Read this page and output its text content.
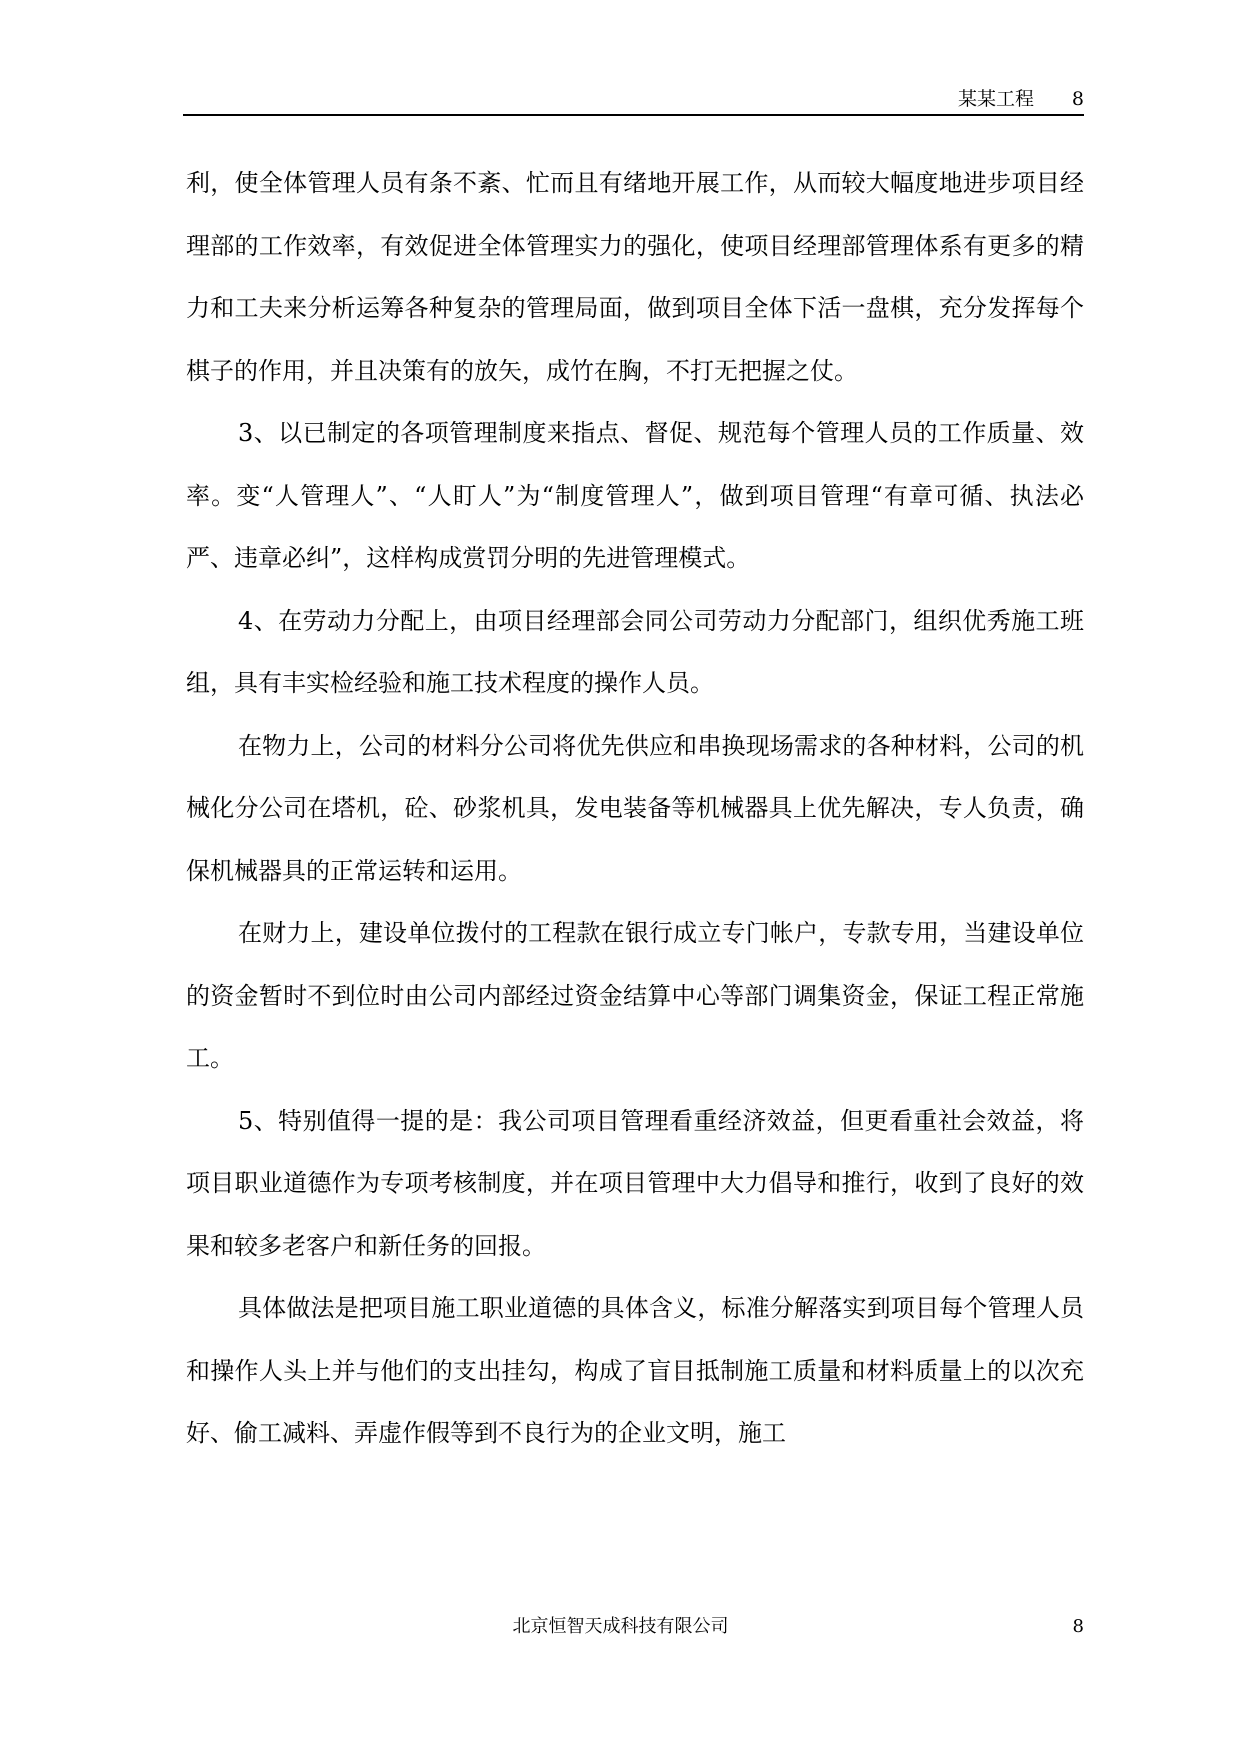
某某工程 8

利，使全体管理人员有条不紊、忙而且有绪地开展工作，从而较大幅度地进步项目经理部的工作效率，有效促进全体管理实力的强化，使项目经理部管理体系有更多的精力和工夫来分析运筹各种复杂的管理局面，做到项目全体下活一盘棋，充分发挥每个棋子的作用，并且决策有的放矢，成竹在胸，不打无把握之仗。

3、以已制定的各项管理制度来指点、督促、规范每个管理人员的工作质量、效率。变“人管理人”、“人盯人”为“制度管理人”，做到项目管理“有章可循、执法必严、违章必纠”，这样构成赏罚分明的先进管理模式。

4、在劳动力分配上，由项目经理部会同公司劳动力分配部门，组织优秀施工班组，具有丰实检经验和施工技术程度的操作人员。

在物力上，公司的材料分公司将优先供应和串换现场需求的各种材料，公司的机械化分公司在塔机，砼、砂浆机具，发电装备等机械器具上优先解决，专人负责，确保机械器具的正常运转和运用。

在财力上，建设单位拨付的工程款在银行成立专门帐户，专款专用，当建设单位的资金暂时不到位时由公司内部经过资金结算中心等部门调集资金，保证工程正常施工。

5、特别值得一提的是：我公司项目管理看重经济效益，但更看重社会效益，将项目职业道德作为专项考核制度，并在项目管理中大力倡导和推行，收到了良好的效果和较多老客户和新任务的回报。

具体做法是把项目施工职业道德的具体含义，标准分解落实到项目每个管理人员和操作人头上并与他们的支出挂勾，构成了盲目抵制施工质量和材料质量上的以次充好、偷工减料、弄虚作假等到不良行为的企业文明，施工

北京恒智天成科技有限公司	8
